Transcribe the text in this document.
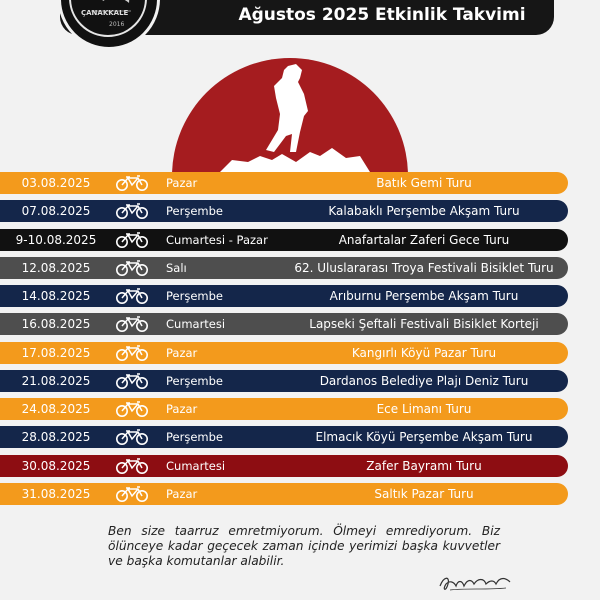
Ağustos 2025 Etkinlik Takvimi
ÇANAKKALE
2016
03.08.2025	Pazar	Batık Gemi Turu
07.08.2025	Perşembe	Kalabaklı Perşembe Akşam Turu
9-10.08.2025	Cumartesi - Pazar	Anafartalar Zaferi Gece Turu
12.08.2025	Salı	62. Uluslararası Troya Festivali Bisiklet Turu
14.08.2025	Perşembe	Arıburnu Perşembe Akşam Turu
16.08.2025	Cumartesi	Lapseki Şeftali Festivali Bisiklet Korteji
17.08.2025	Pazar	Kangırlı Köyü Pazar Turu
21.08.2025	Perşembe	Dardanos Belediye Plajı Deniz Turu
24.08.2025	Pazar	Ece Limanı Turu
28.08.2025	Perşembe	Elmacık Köyü Perşembe Akşam Turu
30.08.2025	Cumartesi	Zafer Bayramı Turu
31.08.2025	Pazar	Saltık Pazar Turu
Ben size taarruz emretmiyorum. Ölmeyi emrediyorum. Biz ölünceye kadar geçecek zaman içinde yerimizi başka kuvvetler ve başka komutanlar alabilir.
